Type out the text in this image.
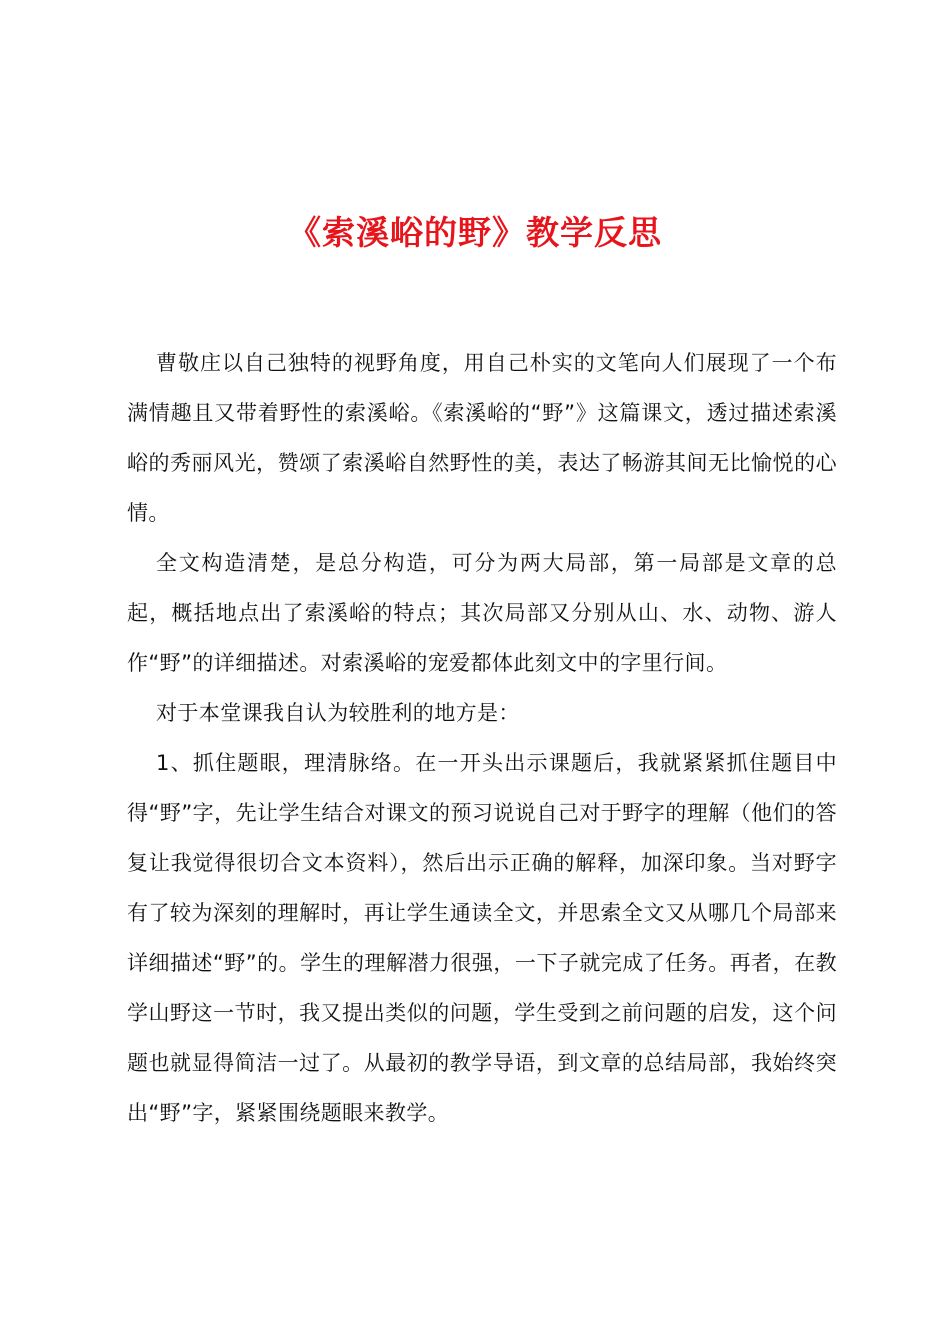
《索溪峪的野》教学反思

曹敬庄以自己独特的视野角度，用自己朴实的文笔向人们展现了一个布满情趣且又带着野性的索溪峪。《索溪峪的“野”》这篇课文，透过描述索溪峪的秀丽风光，赞颂了索溪峪自然野性的美，表达了畅游其间无比愉悦的心情。

全文构造清楚，是总分构造，可分为两大局部，第一局部是文章的总起，概括地点出了索溪峪的特点；其次局部又分别从山、水、动物、游人作“野”的详细描述。对索溪峪的宠爱都体此刻文中的字里行间。

对于本堂课我自认为较胜利的地方是：

1、抓住题眼，理清脉络。在一开头出示课题后，我就紧紧抓住题目中得“野”字，先让学生结合对课文的预习说说自己对于野字的理解（他们的答复让我觉得很切合文本资料），然后出示正确的解释，加深印象。当对野字有了较为深刻的理解时，再让学生通读全文，并思索全文又从哪几个局部来详细描述“野”的。学生的理解潜力很强，一下子就完成了任务。再者，在教学山野这一节时，我又提出类似的问题，学生受到之前问题的启发，这个问题也就显得简洁一过了。从最初的教学导语，到文章的总结局部，我始终突出“野”字，紧紧围绕题眼来教学。
